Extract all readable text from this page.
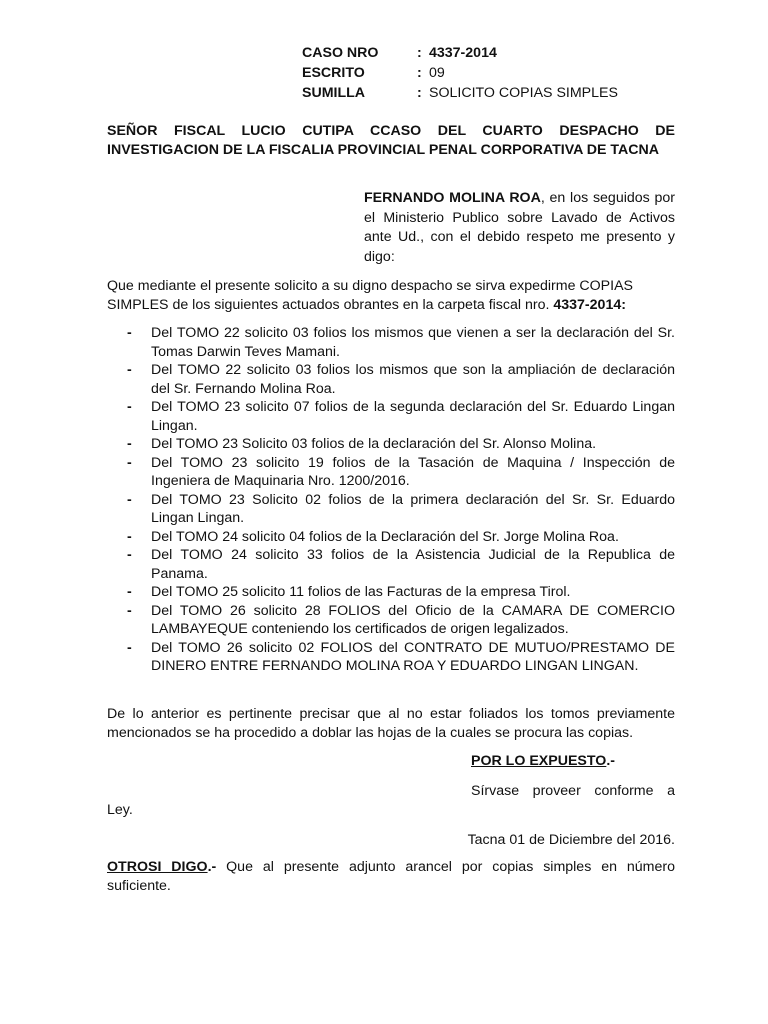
CASO NRO	: 4337-2014
ESCRITO	: 09
SUMILLA	: SOLICITO COPIAS SIMPLES
SEÑOR FISCAL LUCIO CUTIPA CCASO DEL CUARTO DESPACHO DE INVESTIGACION DE LA FISCALIA PROVINCIAL PENAL CORPORATIVA DE TACNA
FERNANDO MOLINA ROA, en los seguidos por el Ministerio Publico sobre Lavado de Activos ante Ud., con el debido respeto me presento y digo:
Que mediante el presente solicito a su digno despacho se sirva expedirme COPIAS SIMPLES de los siguientes actuados obrantes en la carpeta fiscal nro. 4337-2014:
- Del TOMO 22 solicito 03 folios los mismos que vienen a ser la declaración del Sr. Tomas Darwin Teves Mamani.
- Del TOMO 22 solicito 03 folios los mismos que son la ampliación de declaración del Sr. Fernando Molina Roa.
- Del TOMO 23 solicito 07 folios de la segunda declaración del Sr. Eduardo Lingan Lingan.
- Del TOMO 23 Solicito 03 folios de la declaración del Sr. Alonso Molina.
- Del TOMO 23 solicito 19 folios de la Tasación de Maquina / Inspección de Ingeniera de Maquinaria Nro. 1200/2016.
- Del TOMO 23 Solicito 02 folios de la primera declaración del Sr. Sr. Eduardo Lingan Lingan.
- Del TOMO 24 solicito 04 folios de la Declaración del Sr. Jorge Molina Roa.
- Del TOMO 24 solicito 33 folios de la Asistencia Judicial de la Republica de Panama.
- Del TOMO 25 solicito 11 folios de las Facturas de la empresa Tirol.
- Del TOMO 26 solicito 28 FOLIOS del Oficio de la CAMARA DE COMERCIO LAMBAYEQUE conteniendo los certificados de origen legalizados.
- Del TOMO 26 solicito 02 FOLIOS del CONTRATO DE MUTUO/PRESTAMO DE DINERO ENTRE FERNANDO MOLINA ROA Y EDUARDO LINGAN LINGAN.
De lo anterior es pertinente precisar que al no estar foliados los tomos previamente mencionados se ha procedido a doblar las hojas de la cuales se procura las copias.
POR LO EXPUESTO.-
Sírvase proveer conforme a
Ley.
Tacna 01 de Diciembre del 2016.
OTROSI DIGO.- Que al presente adjunto arancel por copias simples en número suficiente.
